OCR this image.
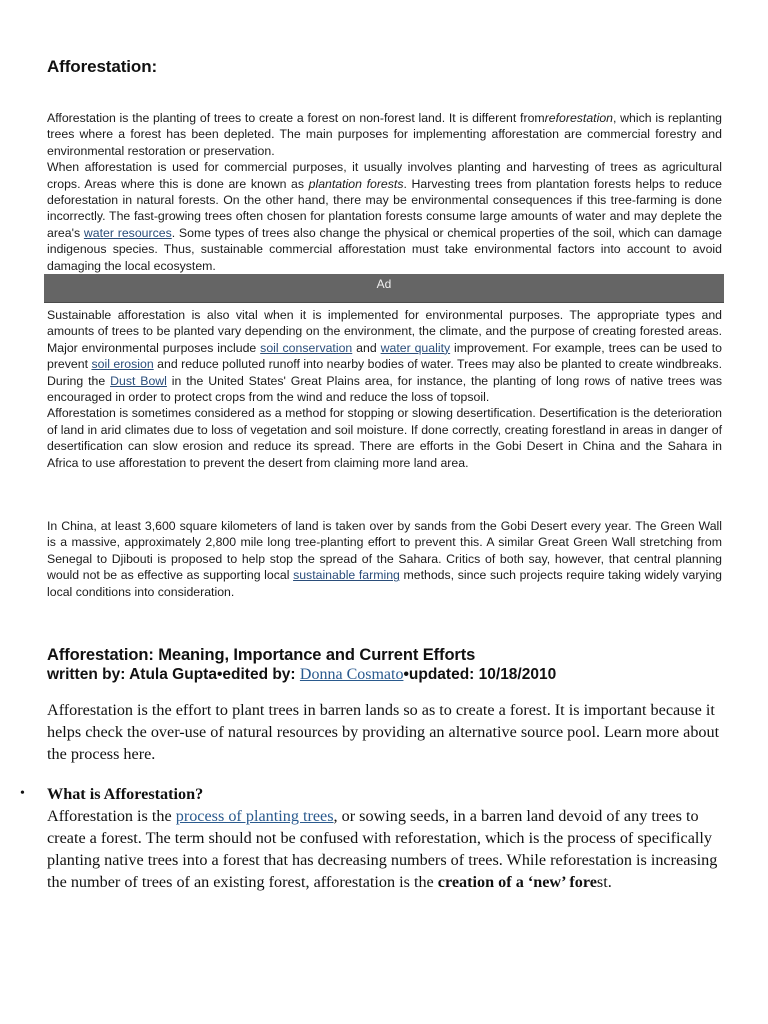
Afforestation:

Afforestation is the planting of trees to create a forest on non-forest land. It is different fromreforestation, which is replanting trees where a forest has been depleted. The main purposes for implementing afforestation are commercial forestry and environmental restoration or preservation.

When afforestation is used for commercial purposes, it usually involves planting and harvesting of trees as agricultural crops. Areas where this is done are known as plantation forests. Harvesting trees from plantation forests helps to reduce deforestation in natural forests. On the other hand, there may be environmental consequences if this tree-farming is done incorrectly. The fast-growing trees often chosen for plantation forests consume large amounts of water and may deplete the area's water resources. Some types of trees also change the physical or chemical properties of the soil, which can damage indigenous species. Thus, sustainable commercial afforestation must take environmental factors into account to avoid damaging the local ecosystem.

Ad

Sustainable afforestation is also vital when it is implemented for environmental purposes. The appropriate types and amounts of trees to be planted vary depending on the environment, the climate, and the purpose of creating forested areas. Major environmental purposes include soil conservation and water quality improvement. For example, trees can be used to prevent soil erosion and reduce polluted runoff into nearby bodies of water. Trees may also be planted to create windbreaks. During the Dust Bowl in the United States' Great Plains area, for instance, the planting of long rows of native trees was encouraged in order to protect crops from the wind and reduce the loss of topsoil.

Afforestation is sometimes considered as a method for stopping or slowing desertification. Desertification is the deterioration of land in arid climates due to loss of vegetation and soil moisture. If done correctly, creating forestland in areas in danger of desertification can slow erosion and reduce its spread. There are efforts in the Gobi Desert in China and the Sahara in Africa to use afforestation to prevent the desert from claiming more land area.

In China, at least 3,600 square kilometers of land is taken over by sands from the Gobi Desert every year. The Green Wall is a massive, approximately 2,800 mile long tree-planting effort to prevent this. A similar Great Green Wall stretching from Senegal to Djibouti is proposed to help stop the spread of the Sahara. Critics of both say, however, that central planning would not be as effective as supporting local sustainable farming methods, since such projects require taking widely varying local conditions into consideration.

Afforestation: Meaning, Importance and Current Efforts
written by: Atula Gupta•edited by: Donna Cosmato•updated: 10/18/2010

Afforestation is the effort to plant trees in barren lands so as to create a forest. It is important because it helps check the over-use of natural resources by providing an alternative source pool. Learn more about the process here.

• What is Afforestation?
Afforestation is the process of planting trees, or sowing seeds, in a barren land devoid of any trees to create a forest. The term should not be confused with reforestation, which is the process of specifically planting native trees into a forest that has decreasing numbers of trees. While reforestation is increasing the number of trees of an existing forest, afforestation is the creation of a ‘new’ forest.
